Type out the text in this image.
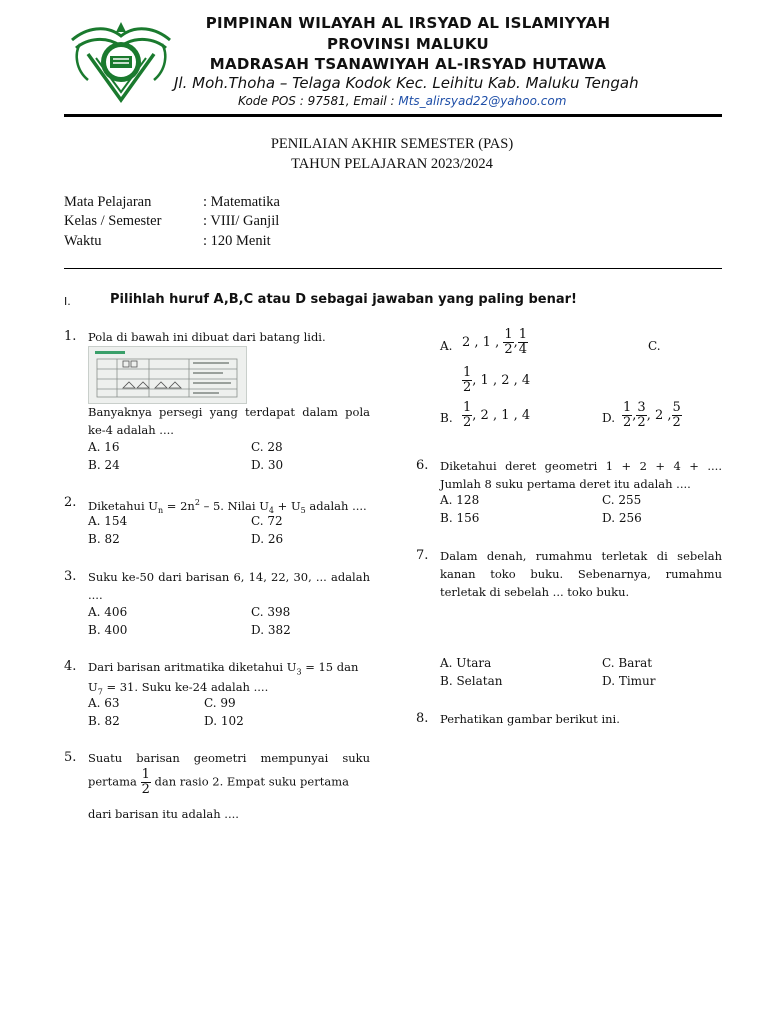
PIMPINAN WILAYAH AL IRSYAD AL ISLAMIYYAH
PROVINSI MALUKU
MADRASAH TSANAWIYAH AL-IRSYAD HUTAWA
Jl. Moh.Thoha – Telaga Kodok Kec. Leihitu Kab. Maluku Tengah
Kode POS : 97581, Email : Mts_alirsyad22@yahoo.com
PENILAIAN AKHIR SEMESTER (PAS)
TAHUN PELAJARAN 2023/2024
Mata Pelajaran	: Matematika
Kelas / Semester	: VIII/ Ganjil
Waktu	: 120 Menit
I.	Pilihlah huruf A,B,C atau D sebagai jawaban yang paling benar!
1. Pola di bawah ini dibuat dari batang lidi.
Banyaknya persegi yang terdapat dalam pola ke-4 adalah ....
A. 16	C. 28
B. 24	D. 30
2. Diketahui $U_n = 2n^2 - 5$. Nilai $U_4 + U_5$ adalah ....
A. 154	C. 72
B. 82	D. 26
3. Suku ke-50 dari barisan 6, 14, 22, 30, ... adalah ....
A. 406	C. 398
B. 400	D. 382
4. Dari barisan aritmatika diketahui $U_3 = 15$ dan
$U_7 = 31$. Suku ke-24 adalah ....
A. 63	C. 99
B. 82	D. 102
5. Suatu barisan geometri mempunyai suku
pertama $\frac{1}{2}$ dan rasio 2. Empat suku pertama
dari barisan itu adalah ....
A. 2 , 1 , $\frac{1}{2}$ , $\frac{1}{4}$	C.
$\frac{1}{2}$ , 1 , 2 , 4
B. $\frac{1}{2}$ , 2 , 1 , 4	D. $\frac{1}{2}$ , $\frac{3}{2}$ , 2 , $\frac{5}{2}$
6. Diketahui deret geometri 1 + 2 + 4 + .... Jumlah 8 suku pertama deret itu adalah ....
A. 128	C. 255
B. 156	D. 256
7. Dalam denah, rumahmu terletak di sebelah kanan toko buku. Sebenarnya, rumahmu terletak di sebelah ... toko buku.
A. Utara	C. Barat
B. Selatan	D. Timur
8. Perhatikan gambar berikut ini.
